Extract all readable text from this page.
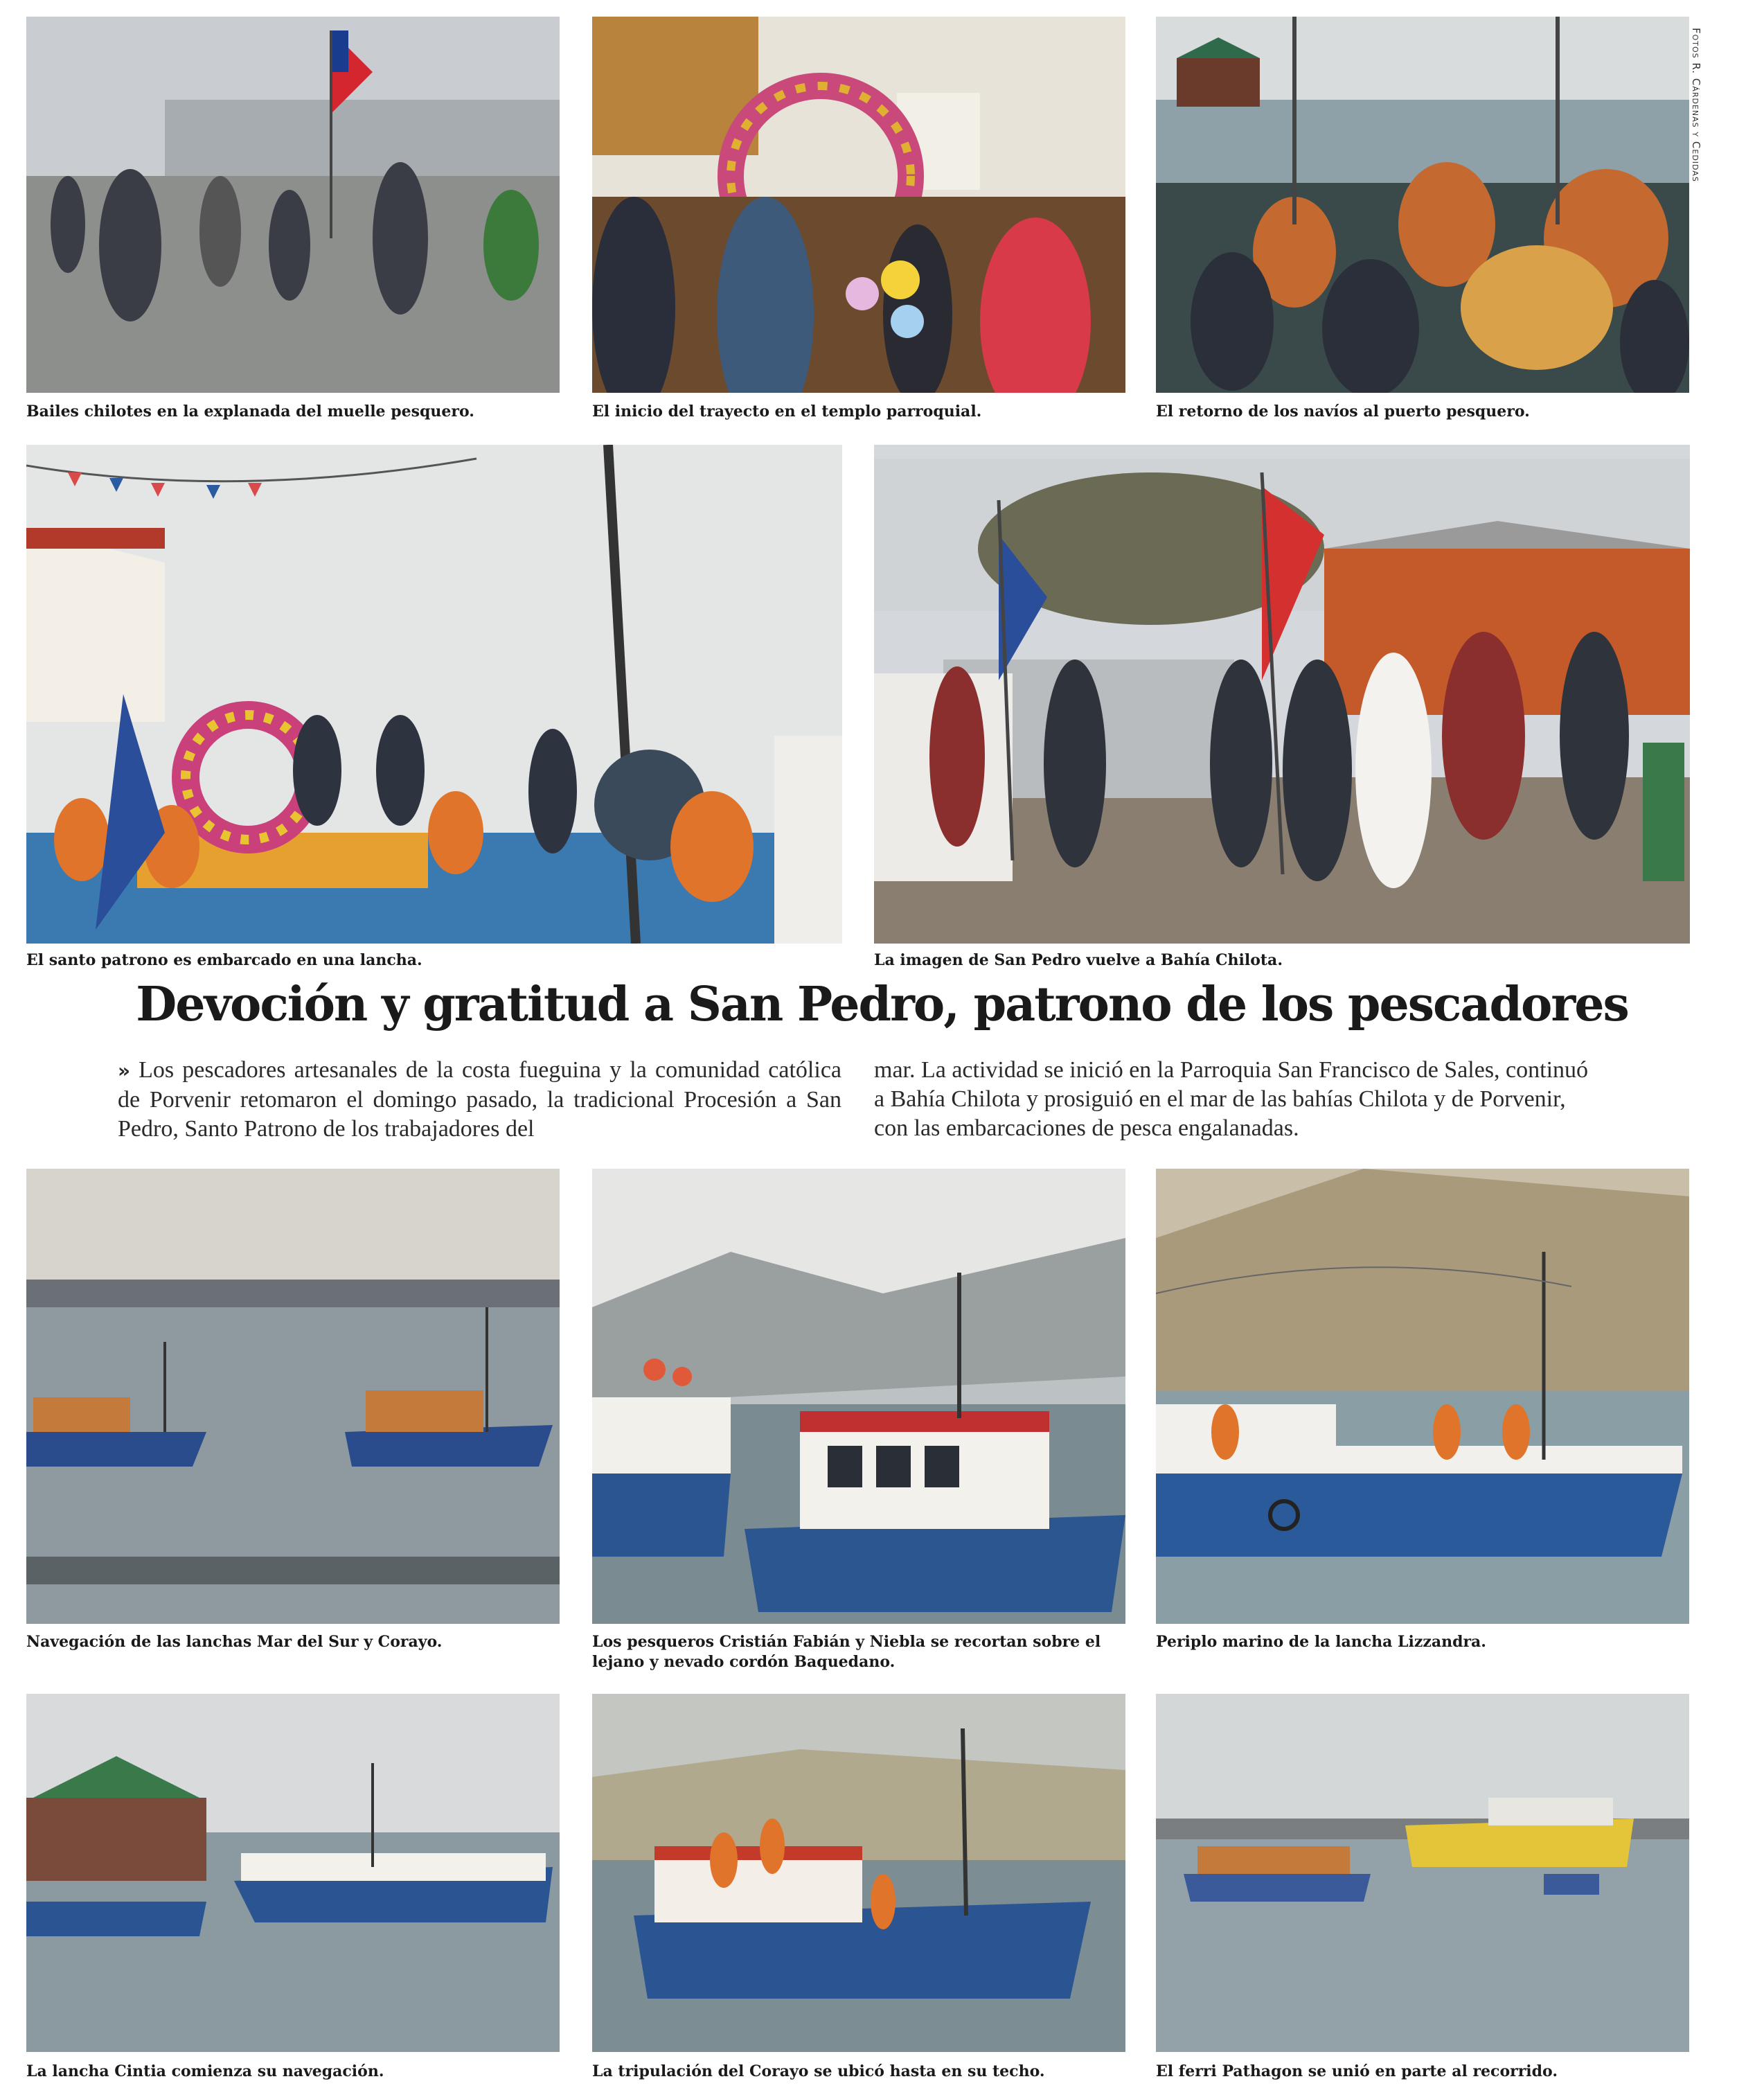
Fotos R. Cárdenas y Cedidas
Bailes chilotes en la explanada del muelle pesquero.	El inicio del trayecto en el templo parroquial.	El retorno de los navíos al puerto pesquero.
El santo patrono es embarcado en una lancha.	La imagen de San Pedro vuelve a Bahía Chilota.
Devoción y gratitud a San Pedro, patrono de los pescadores
» Los pescadores artesanales de la costa fueguina y la comunidad católica de Porvenir retomaron el domingo pasado, la tradicional Procesión a San Pedro, Santo Patrono de los trabajadores del
mar. La actividad se inició en la Parroquia San Francisco de Sales, continuó a Bahía Chilota y prosiguió en el mar de las bahías Chilota y de Porvenir, con las embarcaciones de pesca engalanadas.
Navegación de las lanchas Mar del Sur y Corayo.	Los pesqueros Cristián Fabián y Niebla se recortan sobre el
lejano y nevado cordón Baquedano.
Periplo marino de la lancha Lizzandra.
La lancha Cintia comienza su navegación.	La tripulación del Corayo se ubicó hasta en su techo.	El ferri Pathagon se unió en parte al recorrido.
